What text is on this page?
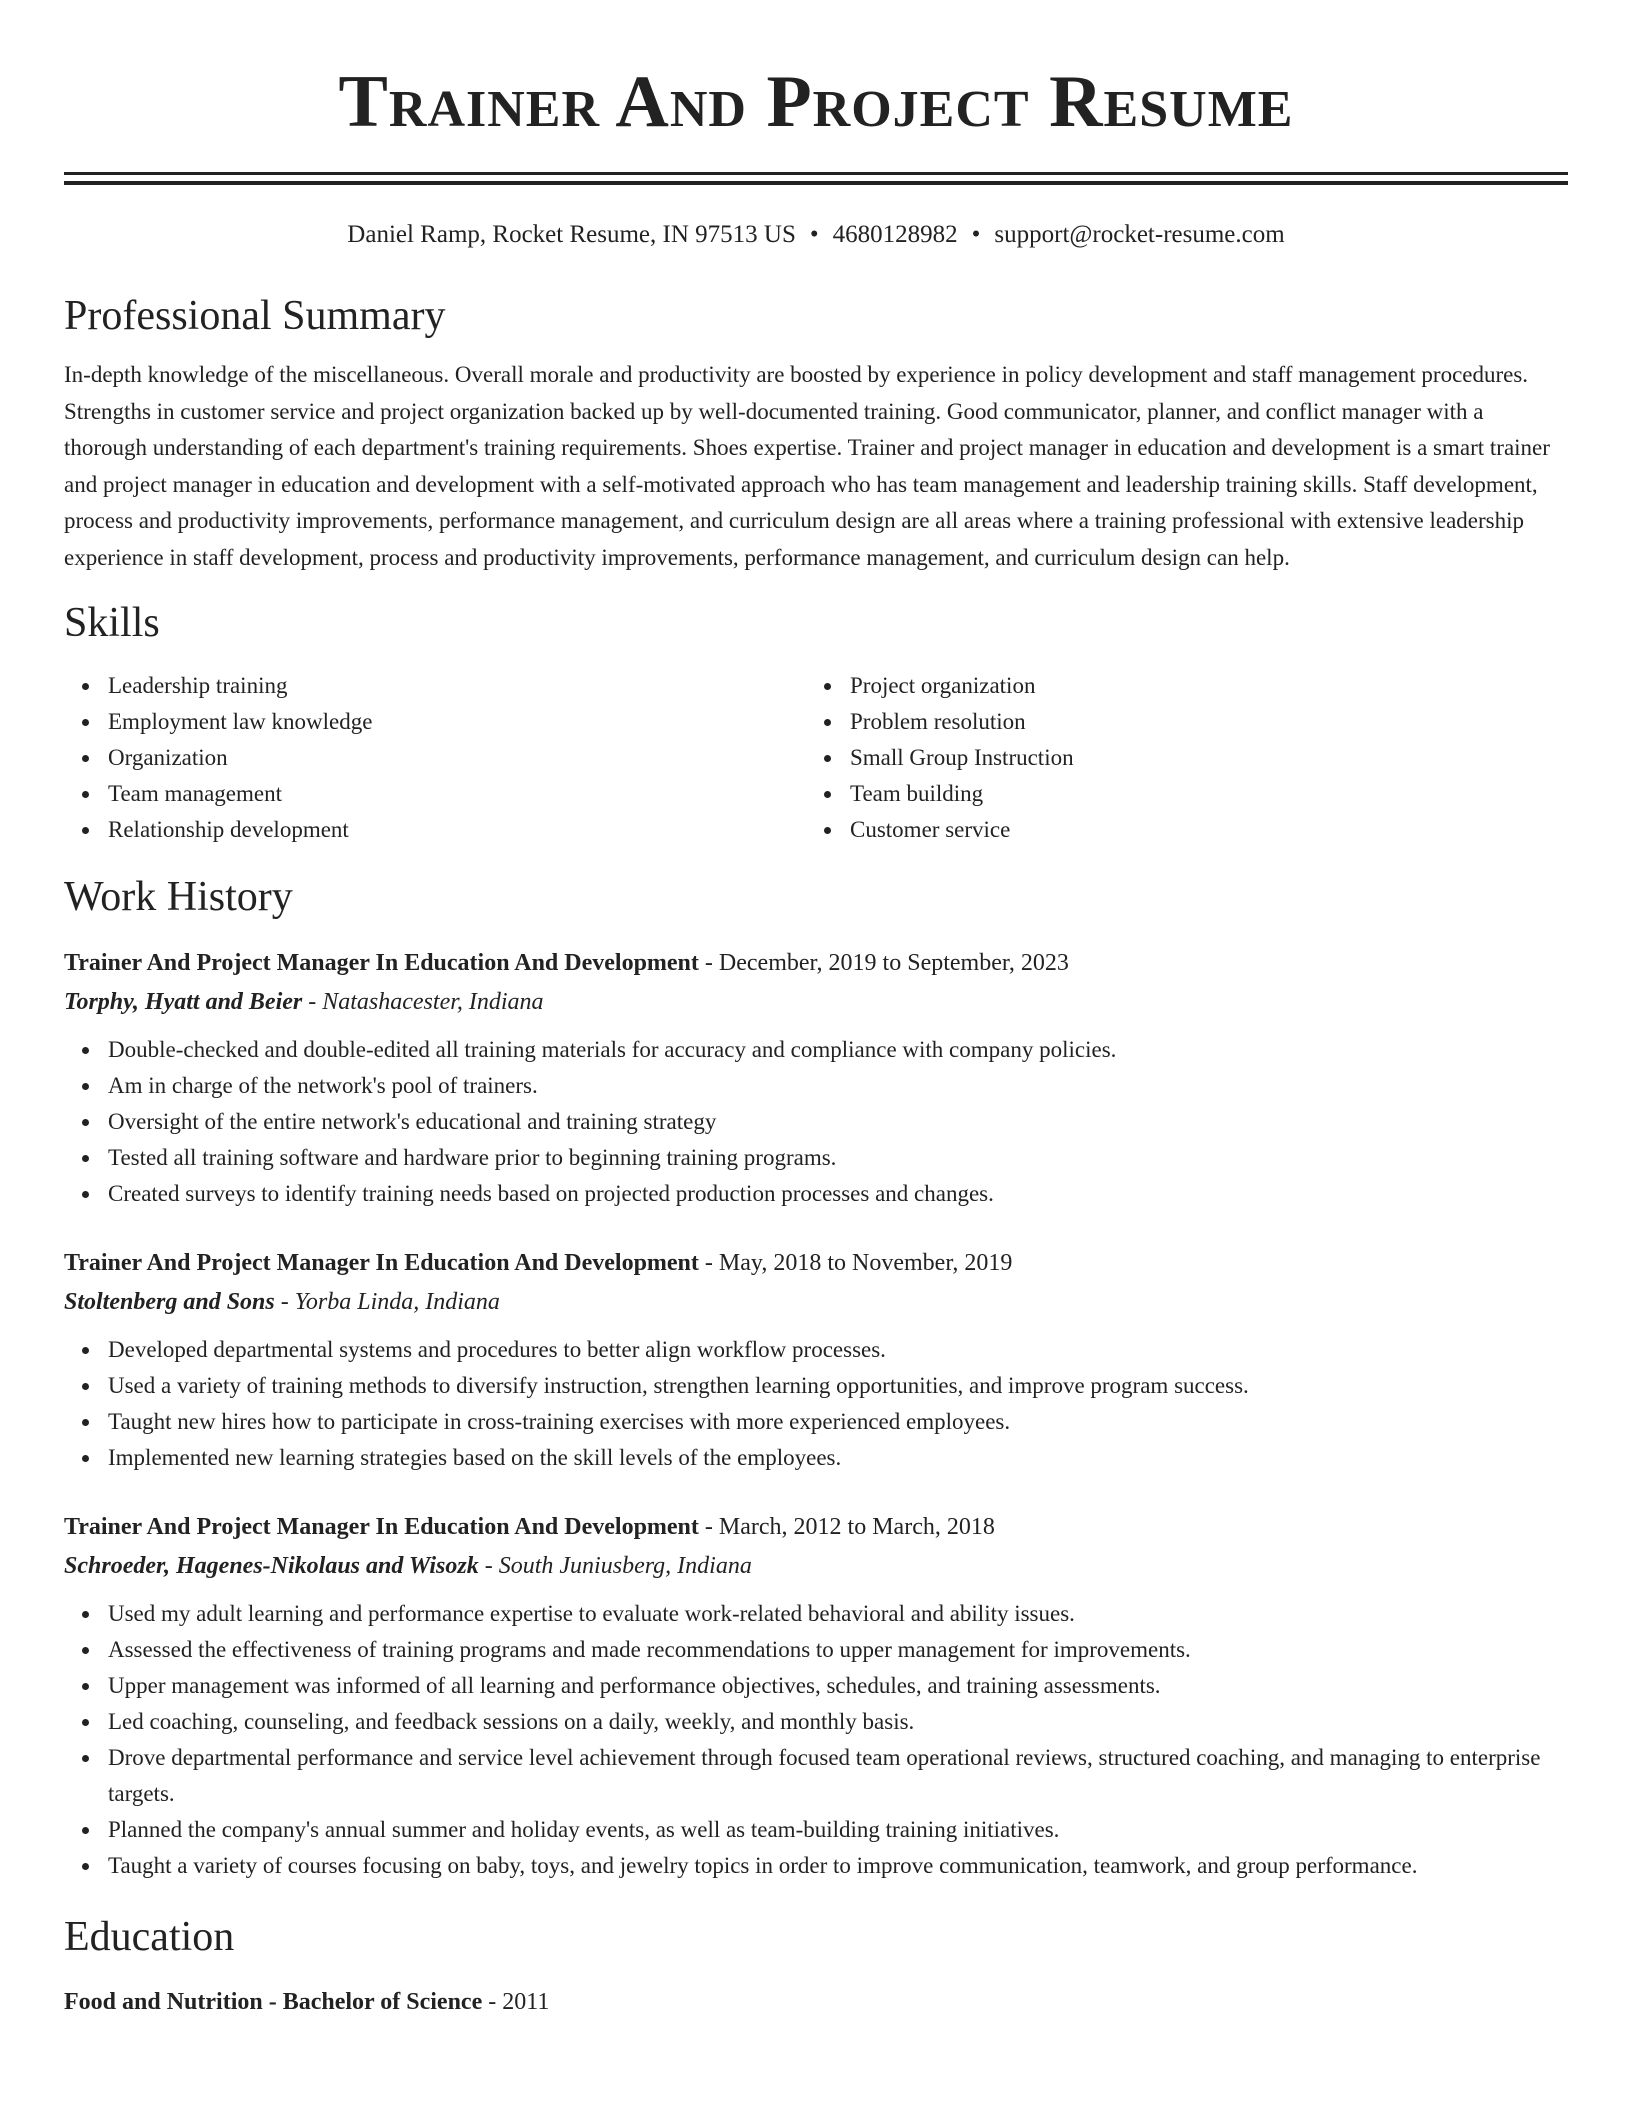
Trainer And Project Resume
Daniel Ramp, Rocket Resume, IN 97513 US • 4680128982 • support@rocket-resume.com
Professional Summary
In-depth knowledge of the miscellaneous. Overall morale and productivity are boosted by experience in policy development and staff management procedures. Strengths in customer service and project organization backed up by well-documented training. Good communicator, planner, and conflict manager with a thorough understanding of each department's training requirements. Shoes expertise. Trainer and project manager in education and development is a smart trainer and project manager in education and development with a self-motivated approach who has team management and leadership training skills. Staff development, process and productivity improvements, performance management, and curriculum design are all areas where a training professional with extensive leadership experience in staff development, process and productivity improvements, performance management, and curriculum design can help.
Skills
Leadership training
Employment law knowledge
Organization
Team management
Relationship development
Project organization
Problem resolution
Small Group Instruction
Team building
Customer service
Work History
Trainer And Project Manager In Education And Development - December, 2019 to September, 2023
Torphy, Hyatt and Beier - Natashacester, Indiana
Double-checked and double-edited all training materials for accuracy and compliance with company policies.
Am in charge of the network's pool of trainers.
Oversight of the entire network's educational and training strategy
Tested all training software and hardware prior to beginning training programs.
Created surveys to identify training needs based on projected production processes and changes.
Trainer And Project Manager In Education And Development - May, 2018 to November, 2019
Stoltenberg and Sons - Yorba Linda, Indiana
Developed departmental systems and procedures to better align workflow processes.
Used a variety of training methods to diversify instruction, strengthen learning opportunities, and improve program success.
Taught new hires how to participate in cross-training exercises with more experienced employees.
Implemented new learning strategies based on the skill levels of the employees.
Trainer And Project Manager In Education And Development - March, 2012 to March, 2018
Schroeder, Hagenes-Nikolaus and Wisozk - South Juniusberg, Indiana
Used my adult learning and performance expertise to evaluate work-related behavioral and ability issues.
Assessed the effectiveness of training programs and made recommendations to upper management for improvements.
Upper management was informed of all learning and performance objectives, schedules, and training assessments.
Led coaching, counseling, and feedback sessions on a daily, weekly, and monthly basis.
Drove departmental performance and service level achievement through focused team operational reviews, structured coaching, and managing to enterprise targets.
Planned the company's annual summer and holiday events, as well as team-building training initiatives.
Taught a variety of courses focusing on baby, toys, and jewelry topics in order to improve communication, teamwork, and group performance.
Education
Food and Nutrition - Bachelor of Science - 2011
